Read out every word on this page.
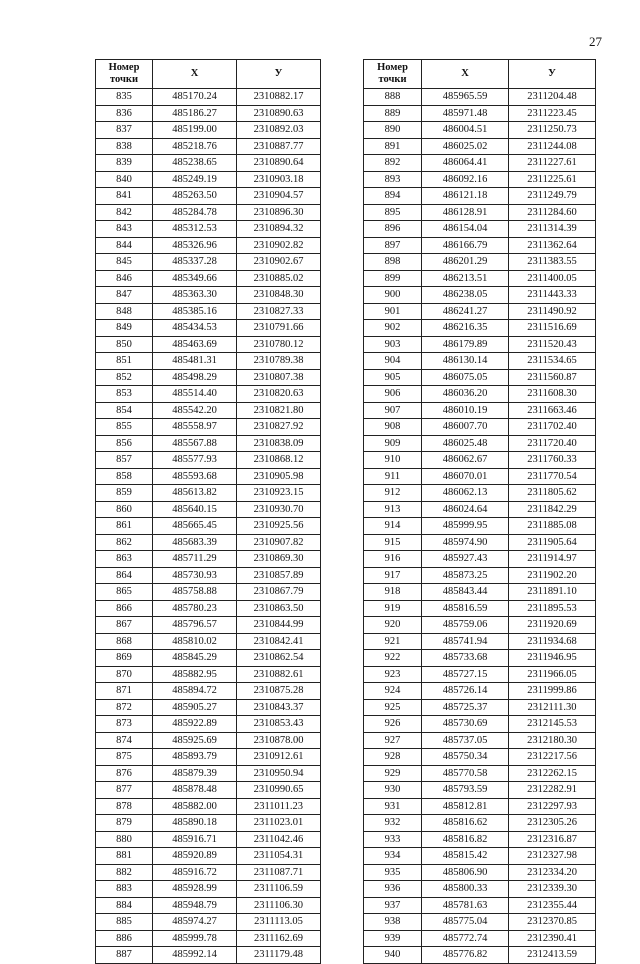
27
Номер
точки	Х	У
835	485170.24	2310882.17
836	485186.27	2310890.63
837	485199.00	2310892.03
838	485218.76	2310887.77
839	485238.65	2310890.64
840	485249.19	2310903.18
841	485263.50	2310904.57
842	485284.78	2310896.30
843	485312.53	2310894.32
844	485326.96	2310902.82
845	485337.28	2310902.67
846	485349.66	2310885.02
847	485363.30	2310848.30
848	485385.16	2310827.33
849	485434.53	2310791.66
850	485463.69	2310780.12
851	485481.31	2310789.38
852	485498.29	2310807.38
853	485514.40	2310820.63
854	485542.20	2310821.80
855	485558.97	2310827.92
856	485567.88	2310838.09
857	485577.93	2310868.12
858	485593.68	2310905.98
859	485613.82	2310923.15
860	485640.15	2310930.70
861	485665.45	2310925.56
862	485683.39	2310907.82
863	485711.29	2310869.30
864	485730.93	2310857.89
865	485758.88	2310867.79
866	485780.23	2310863.50
867	485796.57	2310844.99
868	485810.02	2310842.41
869	485845.29	2310862.54
870	485882.95	2310882.61
871	485894.72	2310875.28
872	485905.27	2310843.37
873	485922.89	2310853.43
874	485925.69	2310878.00
875	485893.79	2310912.61
876	485879.39	2310950.94
877	485878.48	2310990.65
878	485882.00	2311011.23
879	485890.18	2311023.01
880	485916.71	2311042.46
881	485920.89	2311054.31
882	485916.72	2311087.71
883	485928.99	2311106.59
884	485948.79	2311106.30
885	485974.27	2311113.05
886	485999.78	2311162.69
887	485992.14	2311179.48
Номер
точки	Х	У
888	485965.59	2311204.48
889	485971.48	2311223.45
890	486004.51	2311250.73
891	486025.02	2311244.08
892	486064.41	2311227.61
893	486092.16	2311225.61
894	486121.18	2311249.79
895	486128.91	2311284.60
896	486154.04	2311314.39
897	486166.79	2311362.64
898	486201.29	2311383.55
899	486213.51	2311400.05
900	486238.05	2311443.33
901	486241.27	2311490.92
902	486216.35	2311516.69
903	486179.89	2311520.43
904	486130.14	2311534.65
905	486075.05	2311560.87
906	486036.20	2311608.30
907	486010.19	2311663.46
908	486007.70	2311702.40
909	486025.48	2311720.40
910	486062.67	2311760.33
911	486070.01	2311770.54
912	486062.13	2311805.62
913	486024.64	2311842.29
914	485999.95	2311885.08
915	485974.90	2311905.64
916	485927.43	2311914.97
917	485873.25	2311902.20
918	485843.44	2311891.10
919	485816.59	2311895.53
920	485759.06	2311920.69
921	485741.94	2311934.68
922	485733.68	2311946.95
923	485727.15	2311966.05
924	485726.14	2311999.86
925	485725.37	2312111.30
926	485730.69	2312145.53
927	485737.05	2312180.30
928	485750.34	2312217.56
929	485770.58	2312262.15
930	485793.59	2312282.91
931	485812.81	2312297.93
932	485816.62	2312305.26
933	485816.82	2312316.87
934	485815.42	2312327.98
935	485806.90	2312334.20
936	485800.33	2312339.30
937	485781.63	2312355.44
938	485775.04	2312370.85
939	485772.74	2312390.41
940	485776.82	2312413.59
